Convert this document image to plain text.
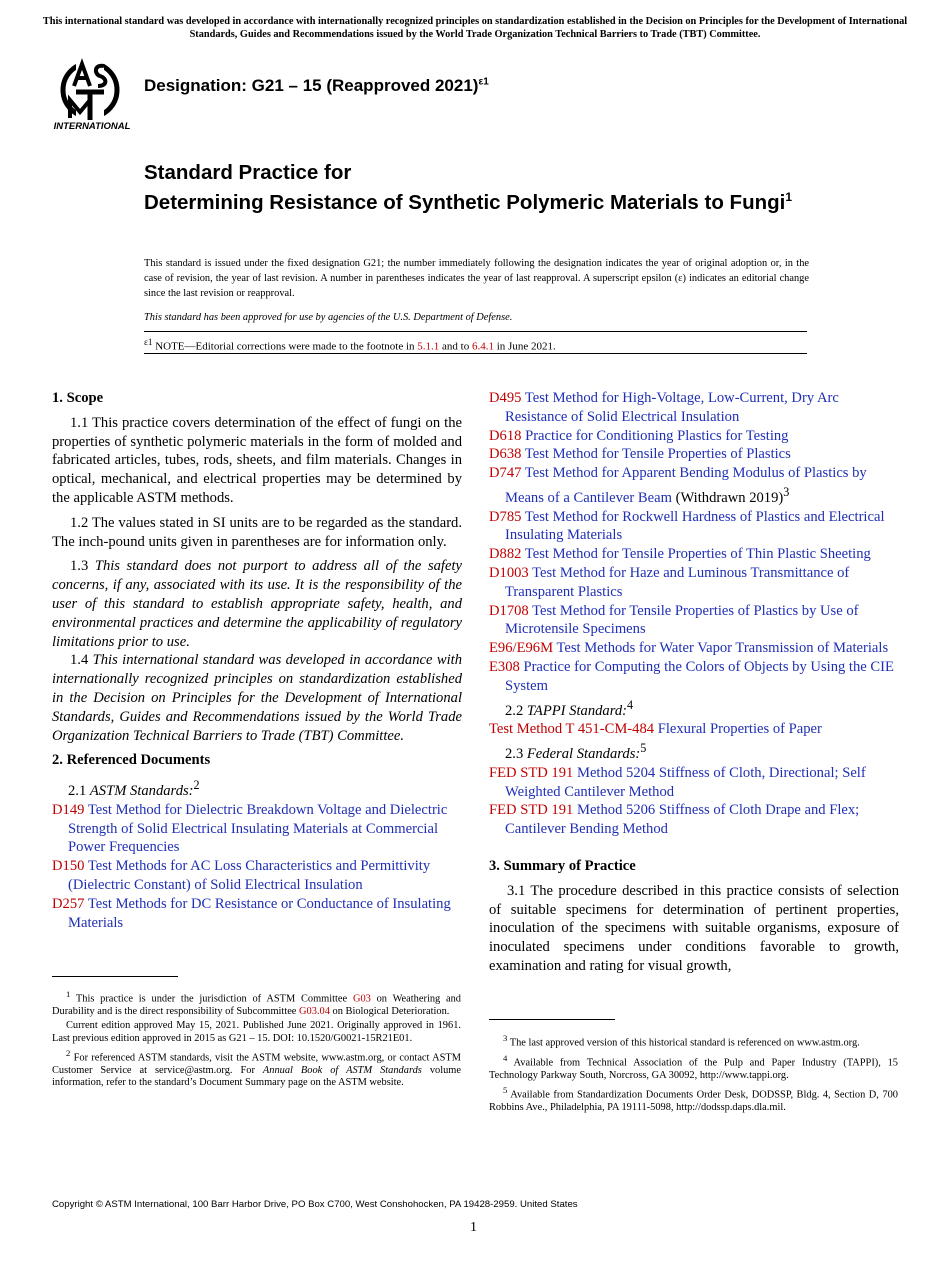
This international standard was developed in accordance with internationally recognized principles on standardization established in the Decision on Principles for the Development of International Standards, Guides and Recommendations issued by the World Trade Organization Technical Barriers to Trade (TBT) Committee.
INTERNATIONAL
Designation: G21 – 15 (Reapproved 2021)$^{\varepsilon 1}$
Standard Practice for
Determining Resistance of Synthetic Polymeric Materials to Fungi$^1$
This standard is issued under the fixed designation G21; the number immediately following the designation indicates the year of original adoption or, in the case of revision, the year of last revision. A number in parentheses indicates the year of last reapproval. A superscript epsilon (ε) indicates an editorial change since the last revision or reapproval.
This standard has been approved for use by agencies of the U.S. Department of Defense.
$^{\varepsilon 1}$ NOTE—Editorial corrections were made to the footnote in 5.1.1 and to 6.4.1 in June 2021.

1. Scope

1.1 This practice covers determination of the effect of fungi on the properties of synthetic polymeric materials in the form of molded and fabricated articles, tubes, rods, sheets, and film materials. Changes in optical, mechanical, and electrical properties may be determined by the applicable ASTM methods.

1.2 The values stated in SI units are to be regarded as the standard. The inch-pound units given in parentheses are for information only.

1.3 This standard does not purport to address all of the safety concerns, if any, associated with its use. It is the responsibility of the user of this standard to establish appropriate safety, health, and environmental practices and determine the applicability of regulatory limitations prior to use.

1.4 This international standard was developed in accordance with internationally recognized principles on standardization established in the Decision on Principles for the Development of International Standards, Guides and Recommendations issued by the World Trade Organization Technical Barriers to Trade (TBT) Committee.

2. Referenced Documents

2.1 ASTM Standards:$^2$

D149 Test Method for Dielectric Breakdown Voltage and Dielectric Strength of Solid Electrical Insulating Materials at Commercial Power Frequencies

D150 Test Methods for AC Loss Characteristics and Permittivity (Dielectric Constant) of Solid Electrical Insulation

D257 Test Methods for DC Resistance or Conductance of Insulating Materials

$^1$ This practice is under the jurisdiction of ASTM Committee G03 on Weathering and Durability and is the direct responsibility of Subcommittee G03.04 on Biological Deterioration.

Current edition approved May 15, 2021. Published June 2021. Originally approved in 1961. Last previous edition approved in 2015 as G21 – 15. DOI: 10.1520/G0021-15R21E01.

$^2$ For referenced ASTM standards, visit the ASTM website, www.astm.org, or contact ASTM Customer Service at service@astm.org. For Annual Book of ASTM Standards volume information, refer to the standard’s Document Summary page on the ASTM website.

D495 Test Method for High-Voltage, Low-Current, Dry Arc Resistance of Solid Electrical Insulation

D618 Practice for Conditioning Plastics for Testing

D638 Test Method for Tensile Properties of Plastics

D747 Test Method for Apparent Bending Modulus of Plastics by Means of a Cantilever Beam (Withdrawn 2019)$^3$

D785 Test Method for Rockwell Hardness of Plastics and Electrical Insulating Materials

D882 Test Method for Tensile Properties of Thin Plastic Sheeting

D1003 Test Method for Haze and Luminous Transmittance of Transparent Plastics

D1708 Test Method for Tensile Properties of Plastics by Use of Microtensile Specimens

E96/E96M Test Methods for Water Vapor Transmission of Materials

E308 Practice for Computing the Colors of Objects by Using the CIE System

2.2 TAPPI Standard:$^4$

Test Method T 451-CM-484 Flexural Properties of Paper

2.3 Federal Standards:$^5$

FED STD 191 Method 5204 Stiffness of Cloth, Directional; Self Weighted Cantilever Method

FED STD 191 Method 5206 Stiffness of Cloth Drape and Flex; Cantilever Bending Method

3. Summary of Practice

3.1 The procedure described in this practice consists of selection of suitable specimens for determination of pertinent properties, inoculation of the specimens with suitable organisms, exposure of inoculated specimens under conditions favorable to growth, examination and rating for visual growth,

$^3$ The last approved version of this historical standard is referenced on www.astm.org.

$^4$ Available from Technical Association of the Pulp and Paper Industry (TAPPI), 15 Technology Parkway South, Norcross, GA 30092, http://www.tappi.org.

$^5$ Available from Standardization Documents Order Desk, DODSSP, Bldg. 4, Section D, 700 Robbins Ave., Philadelphia, PA 19111-5098, http://dodssp.daps.dla.mil.

Copyright © ASTM International, 100 Barr Harbor Drive, PO Box C700, West Conshohocken, PA 19428-2959. United States
1
